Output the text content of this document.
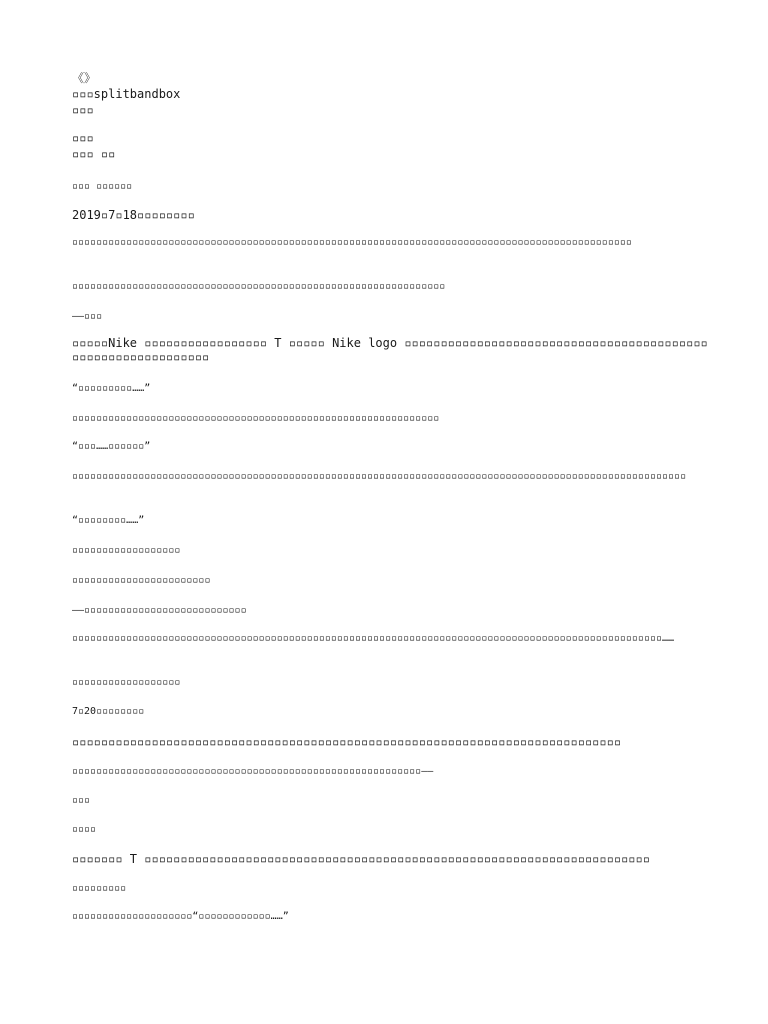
《》
▫▫▫splitbandbox
▫▫▫
▫▫▫
▫▫▫ ▫▫

▫▫▫ ▫▫▫▫▫▫

2019▫7▫18▫▫▫▫▫▫▫▫

▫▫▫▫▫▫▫▫▫▫▫▫▫▫▫▫▫▫▫▫▫▫▫▫▫▫▫▫▫▫▫▫▫▫▫▫▫▫▫▫▫▫▫▫▫▫▫▫▫▫▫▫▫▫▫▫▫▫▫▫▫▫▫▫▫▫▫▫▫▫▫▫▫▫▫▫▫▫▫▫▫▫▫▫▫▫▫▫▫▫▫▫▫

▫▫▫▫▫▫▫▫▫▫▫▫▫▫▫▫▫▫▫▫▫▫▫▫▫▫▫▫▫▫▫▫▫▫▫▫▫▫▫▫▫▫▫▫▫▫▫▫▫▫▫▫▫▫▫▫▫▫▫▫▫▫

——▫▫▫

▫▫▫▫▫Nike ▫▫▫▫▫▫▫▫▫▫▫▫▫▫▫▫▫ T ▫▫▫▫▫ Nike logo ▫▫▫▫▫▫▫▫▫▫▫▫▫▫▫▫▫▫▫▫▫▫▫▫▫▫▫▫▫▫▫▫▫▫▫▫▫▫▫▫▫▫▫▫▫▫▫▫▫▫▫▫▫▫▫▫▫▫▫▫▫

“▫▫▫▫▫▫▫▫▫……”

▫▫▫▫▫▫▫▫▫▫▫▫▫▫▫▫▫▫▫▫▫▫▫▫▫▫▫▫▫▫▫▫▫▫▫▫▫▫▫▫▫▫▫▫▫▫▫▫▫▫▫▫▫▫▫▫▫▫▫▫▫

“▫▫▫……▫▫▫▫▫▫”

▫▫▫▫▫▫▫▫▫▫▫▫▫▫▫▫▫▫▫▫▫▫▫▫▫▫▫▫▫▫▫▫▫▫▫▫▫▫▫▫▫▫▫▫▫▫▫▫▫▫▫▫▫▫▫▫▫▫▫▫▫▫▫▫▫▫▫▫▫▫▫▫▫▫▫▫▫▫▫▫▫▫▫▫▫▫▫▫▫▫▫▫▫▫▫▫▫▫▫▫▫▫

“▫▫▫▫▫▫▫▫……”

▫▫▫▫▫▫▫▫▫▫▫▫▫▫▫▫▫▫

▫▫▫▫▫▫▫▫▫▫▫▫▫▫▫▫▫▫▫▫▫▫▫

——▫▫▫▫▫▫▫▫▫▫▫▫▫▫▫▫▫▫▫▫▫▫▫▫▫▫▫

▫▫▫▫▫▫▫▫▫▫▫▫▫▫▫▫▫▫▫▫▫▫▫▫▫▫▫▫▫▫▫▫▫▫▫▫▫▫▫▫▫▫▫▫▫▫▫▫▫▫▫▫▫▫▫▫▫▫▫▫▫▫▫▫▫▫▫▫▫▫▫▫▫▫▫▫▫▫▫▫▫▫▫▫▫▫▫▫▫▫▫▫▫▫▫▫▫▫……

▫▫▫▫▫▫▫▫▫▫▫▫▫▫▫▫▫▫

7▫20▫▫▫▫▫▫▫▫

▫▫▫▫▫▫▫▫▫▫▫▫▫▫▫▫▫▫▫▫▫▫▫▫▫▫▫▫▫▫▫▫▫▫▫▫▫▫▫▫▫▫▫▫▫▫▫▫▫▫▫▫▫▫▫▫▫▫▫▫▫▫▫▫▫▫▫▫▫▫▫▫▫▫▫▫

▫▫▫▫▫▫▫▫▫▫▫▫▫▫▫▫▫▫▫▫▫▫▫▫▫▫▫▫▫▫▫▫▫▫▫▫▫▫▫▫▫▫▫▫▫▫▫▫▫▫▫▫▫▫▫▫▫▫——

▫▫▫

▫▫▫▫

▫▫▫▫▫▫▫ T ▫▫▫▫▫▫▫▫▫▫▫▫▫▫▫▫▫▫▫▫▫▫▫▫▫▫▫▫▫▫▫▫▫▫▫▫▫▫▫▫▫▫▫▫▫▫▫▫▫▫▫▫▫▫▫▫▫▫▫▫▫▫▫▫▫▫▫▫▫▫

▫▫▫▫▫▫▫▫▫

▫▫▫▫▫▫▫▫▫▫▫▫▫▫▫▫▫▫▫▫“▫▫▫▫▫▫▫▫▫▫▫▫……”
